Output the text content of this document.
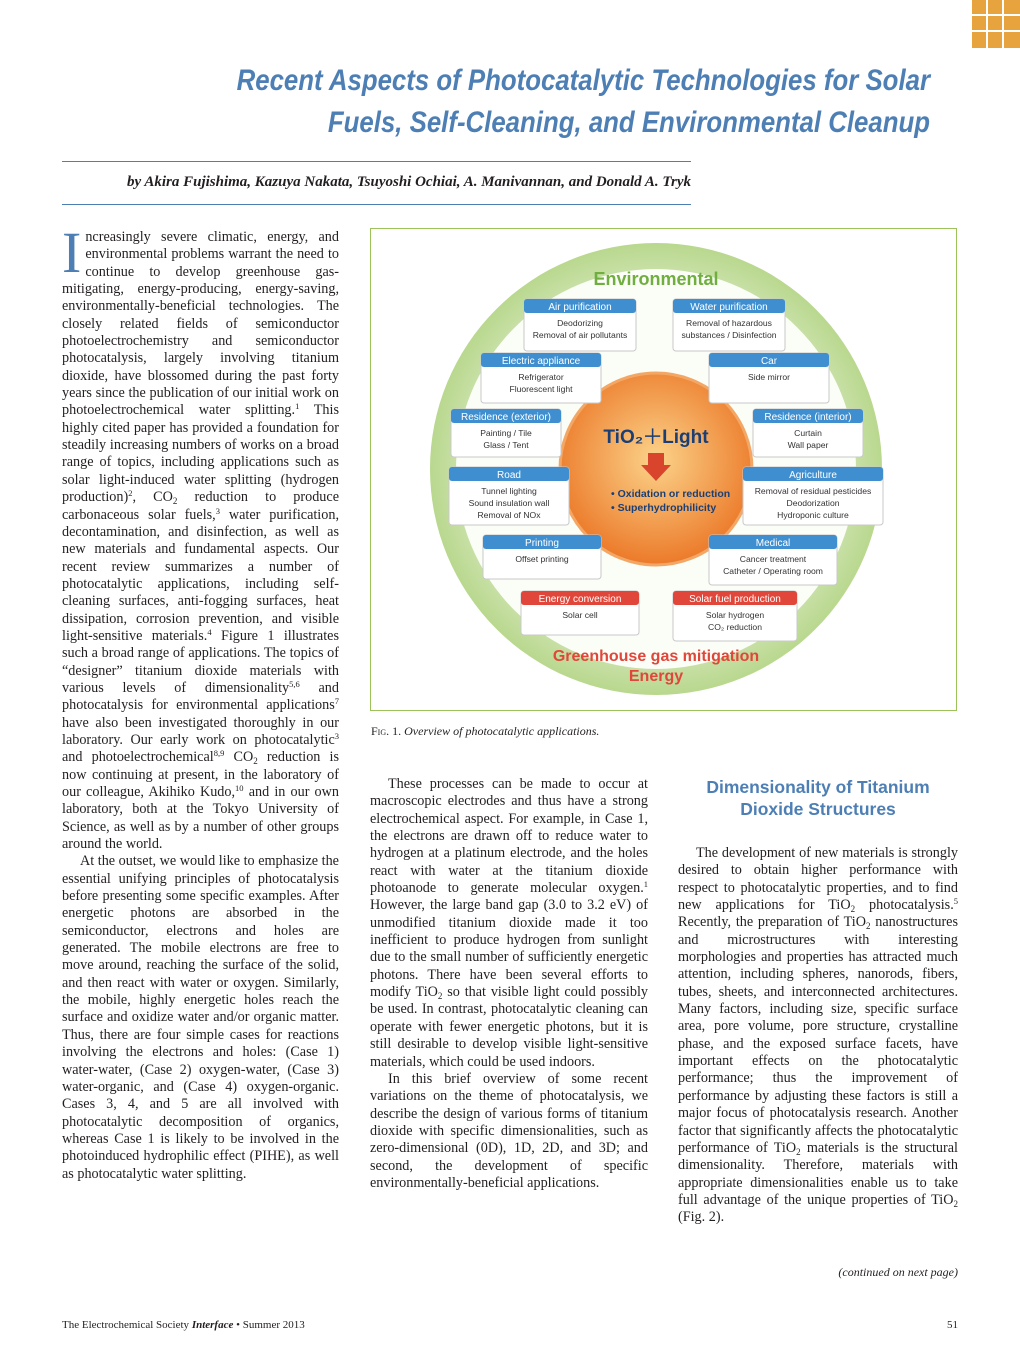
Recent Aspects of Photocatalytic Technologies for Solar
Fuels, Self-Cleaning, and Environmental Cleanup
by Akira Fujishima, Kazuya Nakata, Tsuyoshi Ochiai, A. Manivannan, and Donald A. Tryk

Increasingly severe climatic, energy, and environmental problems warrant the need to continue to develop greenhouse gas-mitigating, energy-producing, energy-saving, environmentally-beneficial technologies. The closely related fields of semiconductor photoelectrochemistry and semiconductor photocatalysis, largely involving titanium dioxide, have blossomed during the past forty years since the publication of our initial work on photoelectrochemical water splitting.$^1$ This highly cited paper has provided a foundation for steadily increasing numbers of works on a broad range of topics, including applications such as solar light-induced water splitting (hydrogen production)$^2$, $CO_2$ reduction to produce carbonaceous solar fuels,$^3$ water purification, decontamination, and disinfection, as well as new materials and fundamental aspects. Our recent review summarizes a number of photocatalytic applications, including self-cleaning surfaces, anti-fogging surfaces, heat dissipation, corrosion prevention, and visible light-sensitive materials.$^4$ Figure 1 illustrates such a broad range of applications. The topics of “designer” titanium dioxide materials with various levels of dimensionality$^{5,6}$ and photocatalysis for environmental applications$^7$ have also been investigated thoroughly in our laboratory. Our early work on photocatalytic$^3$ and photoelectrochemical$^{8,9}$ $CO_2$ reduction is now continuing at present, in the laboratory of our colleague, Akihiko Kudo,$^{10}$ and in our own laboratory, both at the Tokyo University of Science, as well as by a number of other groups around the world.

At the outset, we would like to emphasize the essential unifying principles of photocatalysis before presenting some specific examples. After energetic photons are absorbed in the semiconductor, electrons and holes are generated. The mobile electrons are free to move around, reaching the surface of the solid, and then react with water or oxygen. Similarly, the mobile, highly energetic holes reach the surface and oxidize water and/or organic matter. Thus, there are four simple cases for reactions involving the electrons and holes: (Case 1) water-water, (Case 2) oxygen-water, (Case 3) water-organic, and (Case 4) oxygen-organic. Cases 3, 4, and 5 are all involved with photocatalytic decomposition of organics, whereas Case 1 is likely to be involved in the photoinduced hydrophilic effect (PIHE), as well as photocatalytic water splitting.

Environmental
Greenhouse gas mitigation
Energy
TiO₂＋Light
• Oxidation or reduction
• Superhydrophilicity
Air purification
Deodorizing
Removal of air pollutants
Water purification
Removal of hazardous
substances / Disinfection
Electric appliance
Refrigerator
Fluorescent light
Car
Side mirror
Residence (exterior)
Painting / Tile
Glass / Tent
Residence (interior)
Curtain
Wall paper
Road
Tunnel lighting
Sound insulation wall
Removal of NOx
Agriculture
Removal of residual pesticides
Deodorization
Hydroponic culture
Printing
Offset printing
Medical
Cancer treatment
Catheter / Operating room
Energy conversion
Solar cell
Solar fuel production
Solar hydrogen
CO₂ reduction
Fig. 1. Overview of photocatalytic applications.

These processes can be made to occur at macroscopic electrodes and thus have a strong electrochemical aspect. For example, in Case 1, the electrons are drawn off to reduce water to hydrogen at a platinum electrode, and the holes react with water at the titanium dioxide photoanode to generate molecular oxygen.$^1$ However, the large band gap (3.0 to 3.2 eV) of unmodified titanium dioxide made it too inefficient to produce hydrogen from sunlight due to the small number of sufficiently energetic photons. There have been several efforts to modify TiO$_2$ so that visible light could possibly be used. In contrast, photocatalytic cleaning can operate with fewer energetic photons, but it is still desirable to develop visible light-sensitive materials, which could be used indoors.

In this brief overview of some recent variations on the theme of photocatalysis, we describe the design of various forms of titanium dioxide with specific dimensionalities, such as zero-dimensional (0D), 1D, 2D, and 3D; and second, the development of specific environmentally-beneficial applications.

Dimensionality of Titanium Dioxide Structures

The development of new materials is strongly desired to obtain higher performance with respect to photocatalytic properties, and to find new applications for TiO$_2$ photocatalysis.$^5$ Recently, the preparation of TiO$_2$ nanostructures and microstructures with interesting morphologies and properties has attracted much attention, including spheres, nanorods, fibers, tubes, sheets, and interconnected architectures. Many factors, including size, specific surface area, pore volume, pore structure, crystalline phase, and the exposed surface facets, have important effects on the photocatalytic performance; thus the improvement of performance by adjusting these factors is still a major focus of photocatalysis research. Another factor that significantly affects the photocatalytic performance of TiO$_2$ materials is the structural dimensionality. Therefore, materials with appropriate dimensionalities enable us to take full advantage of the unique properties of TiO$_2$ (Fig. 2).

(continued on next page)
The Electrochemical Society Interface • Summer 2013	51
